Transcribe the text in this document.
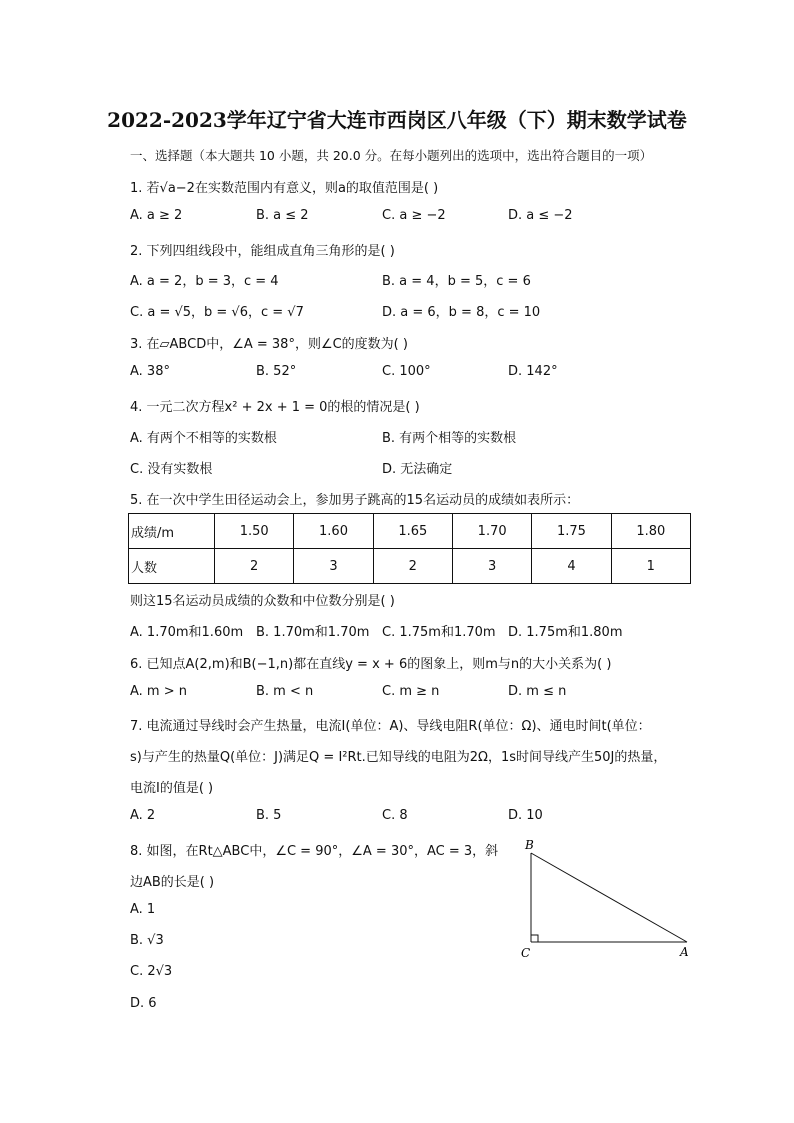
2022-2023学年辽宁省大连市西岗区八年级（下）期末数学试卷
一、选择题（本大题共 10 小题，共 20.0 分。在每小题列出的选项中，选出符合题目的一项）
1. 若√a−2在实数范围内有意义，则a的取值范围是( )
A. a ≥ 2	B. a ≤ 2	C. a ≥ −2	D. a ≤ −2
2. 下列四组线段中，能组成直角三角形的是( )
A. a = 2，b = 3，c = 4	B. a = 4，b = 5，c = 6
C. a = √5，b = √6，c = √7	D. a = 6，b = 8，c = 10
3. 在▱ABCD中，∠A = 38°，则∠C的度数为( )
A. 38°	B. 52°	C. 100°	D. 142°
4. 一元二次方程x² + 2x + 1 = 0的根的情况是( )
A. 有两个不相等的实数根	B. 有两个相等的实数根
C. 没有实数根	D. 无法确定
5. 在一次中学生田径运动会上，参加男子跳高的15名运动员的成绩如表所示：
成绩/m	1.50	1.60	1.65	1.70	1.75	1.80
人数	2	3	2	3	4	1
则这15名运动员成绩的众数和中位数分别是( )
A. 1.70m和1.60m B. 1.70m和1.70m C. 1.75m和1.70m D. 1.75m和1.80m
6. 已知点A(2,m)和B(−1,n)都在直线y = x + 6的图象上，则m与n的大小关系为( )
A. m > n	B. m < n	C. m ≥ n	D. m ≤ n
7. 电流通过导线时会产生热量，电流I(单位：A)、导线电阻R(单位：Ω)、通电时间t(单位：
s)与产生的热量Q(单位：J)满足Q = I²Rt.已知导线的电阻为2Ω，1s时间导线产生50J的热量，
电流I的值是( )
A. 2	B. 5	C. 8	D. 10
8. 如图，在Rt△ABC中，∠C = 90°，∠A = 30°，AC = 3，斜
边AB的长是( )
A. 1
B. √3
C. 2√3
D. 6
B
C	A
